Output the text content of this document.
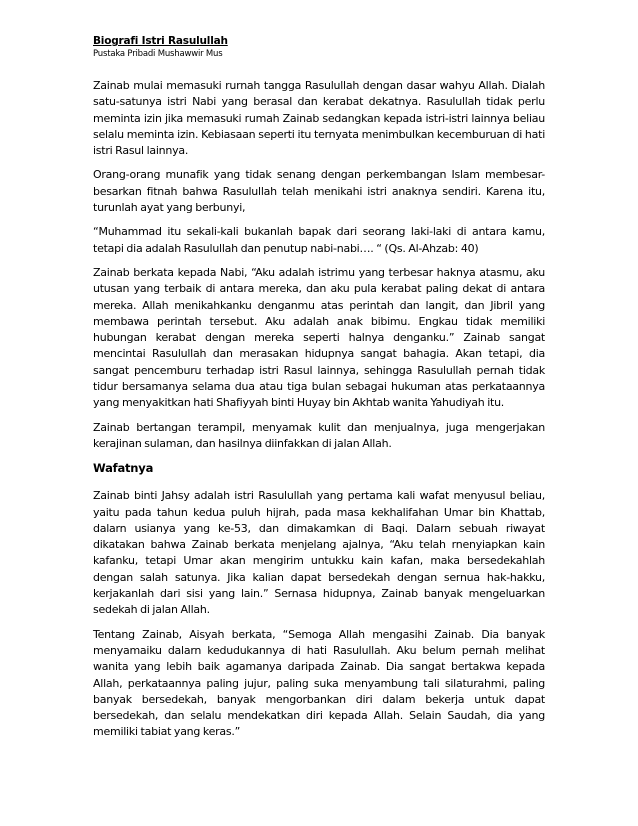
Biografi Istri Rasulullah
Pustaka Pribadi Mushawwir Mus

Zainab mulai memasuki rurnah tangga Rasulullah dengan dasar wahyu Allah. Dialah satu-satunya istri Nabi yang berasal dan kerabat dekatnya. Rasulullah tidak perlu meminta izin jika memasuki rumah Zainab sedangkan kepada istri-istri lainnya beliau selalu meminta izin. Kebiasaan seperti itu ternyata menimbulkan kecemburuan di hati istri Rasul lainnya.

Orang-orang munafik yang tidak senang dengan perkembangan Islam membesar-besarkan fitnah bahwa Rasulullah telah menikahi istri anaknya sendiri. Karena itu, turunlah ayat yang berbunyi,

“Muhammad itu sekali-kali bukanlah bapak dari seorang laki-laki di antara kamu, tetapi dia adalah Rasulullah dan penutup nabi-nabi…. “ (Qs. Al-Ahzab: 40)

Zainab berkata kepada Nabi, “Aku adalah istrimu yang terbesar haknya atasmu, aku utusan yang terbaik di antara mereka, dan aku pula kerabat paling dekat di antara mereka. Allah menikahkanku denganmu atas perintah dan langit, dan Jibril yang membawa perintah tersebut. Aku adalah anak bibimu. Engkau tidak memiliki hubungan kerabat dengan mereka seperti halnya denganku.” Zainab sangat mencintai Rasulullah dan merasakan hidupnya sangat bahagia. Akan tetapi, dia sangat pencemburu terhadap istri Rasul lainnya, sehingga Rasulullah pernah tidak tidur bersamanya selama dua atau tiga bulan sebagai hukuman atas perkataannya yang menyakitkan hati Shafiyyah binti Huyay bin Akhtab wanita Yahudiyah itu.

Zainab bertangan terampil, menyamak kulit dan menjualnya, juga mengerjakan kerajinan sulaman, dan hasilnya diinfakkan di jalan Allah.

Wafatnya

Zainab binti Jahsy adalah istri Rasulullah yang pertama kali wafat menyusul beliau, yaitu pada tahun kedua puluh hijrah, pada masa kekhalifahan Umar bin Khattab, dalarn usianya yang ke-53, dan dimakamkan di Baqi. Dalarn sebuah riwayat dikatakan bahwa Zainab berkata menjelang ajalnya, “Aku telah rnenyiapkan kain kafanku, tetapi Umar akan mengirim untukku kain kafan, maka bersedekahlah dengan salah satunya. Jika kalian dapat bersedekah dengan sernua hak-hakku, kerjakanlah dari sisi yang lain.” Sernasa hidupnya, Zainab banyak mengeluarkan sedekah di jalan Allah.

Tentang Zainab, Aisyah berkata, “Semoga Allah mengasihi Zainab. Dia banyak menyamaiku dalarn kedudukannya di hati Rasulullah. Aku belum pernah melihat wanita yang lebih baik agamanya daripada Zainab. Dia sangat bertakwa kepada Allah, perkataannya paling jujur, paling suka menyambung tali silaturahmi, paling banyak bersedekah, banyak mengorbankan diri dalam bekerja untuk dapat bersedekah, dan selalu mendekatkan diri kepada Allah. Selain Saudah, dia yang memiliki tabiat yang keras.”
